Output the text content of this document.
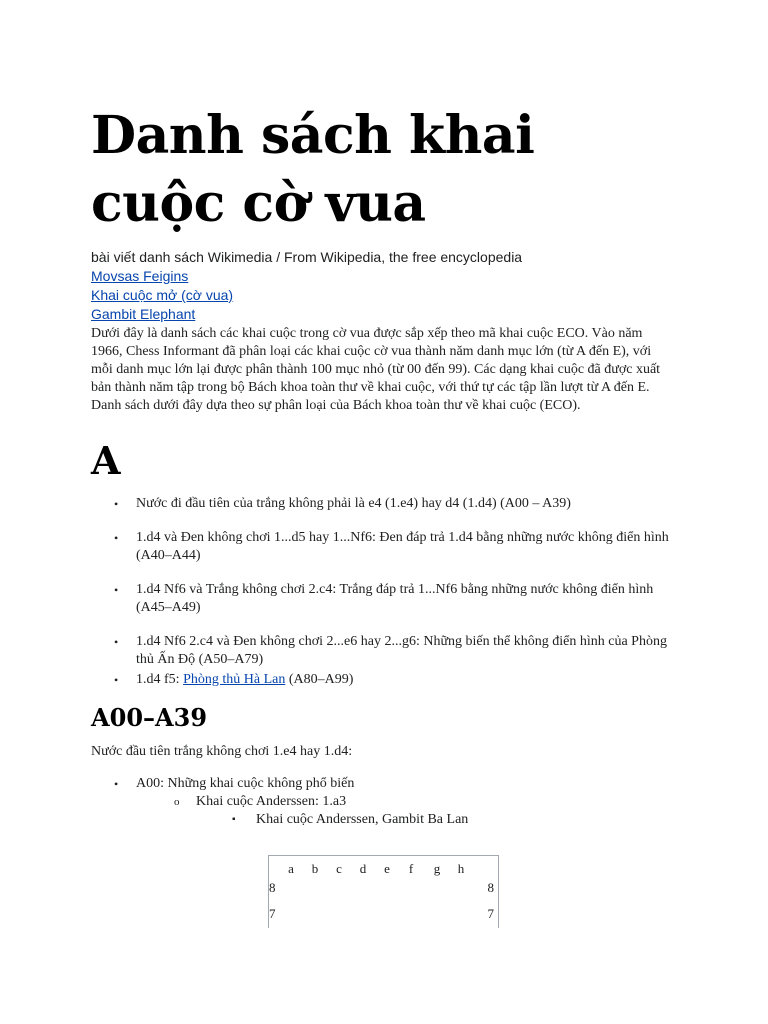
Danh sách khai cuộc cờ vua
bài viết danh sách Wikimedia / From Wikipedia, the free encyclopedia
Movsas Feigins
Khai cuộc mở (cờ vua)
Gambit Elephant
Dưới đây là danh sách các khai cuộc trong cờ vua được sắp xếp theo mã khai cuộc ECO. Vào năm 1966, Chess Informant đã phân loại các khai cuộc cờ vua thành năm danh mục lớn (từ A đến E), với mỗi danh mục lớn lại được phân thành 100 mục nhỏ (từ 00 đến 99). Các dạng khai cuộc đã được xuất bản thành năm tập trong bộ Bách khoa toàn thư về khai cuộc, với thứ tự các tập lần lượt từ A đến E. Danh sách dưới đây dựa theo sự phân loại của Bách khoa toàn thư về khai cuộc (ECO).
A
• Nước đi đầu tiên của trắng không phải là e4 (1.e4) hay d4 (1.d4) (A00 – A39)
• 1.d4 và Đen không chơi 1...d5 hay 1...Nf6: Đen đáp trả 1.d4 bằng những nước không điển hình (A40–A44)
• 1.d4 Nf6 và Trắng không chơi 2.c4: Trắng đáp trả 1...Nf6 bằng những nước không điển hình (A45–A49)
• 1.d4 Nf6 2.c4 và Đen không chơi 2...e6 hay 2...g6: Những biến thể không điển hình của Phòng thủ Ấn Độ (A50–A79)
• 1.d4 f5: Phòng thủ Hà Lan (A80–A99)
A00–A39
Nước đầu tiên trắng không chơi 1.e4 hay 1.d4:
• A00: Những khai cuộc không phổ biến
o Khai cuộc Anderssen: 1.a3
▪ Khai cuộc Anderssen, Gambit Ba Lan
a b c d e f g h
8	8
7	7
